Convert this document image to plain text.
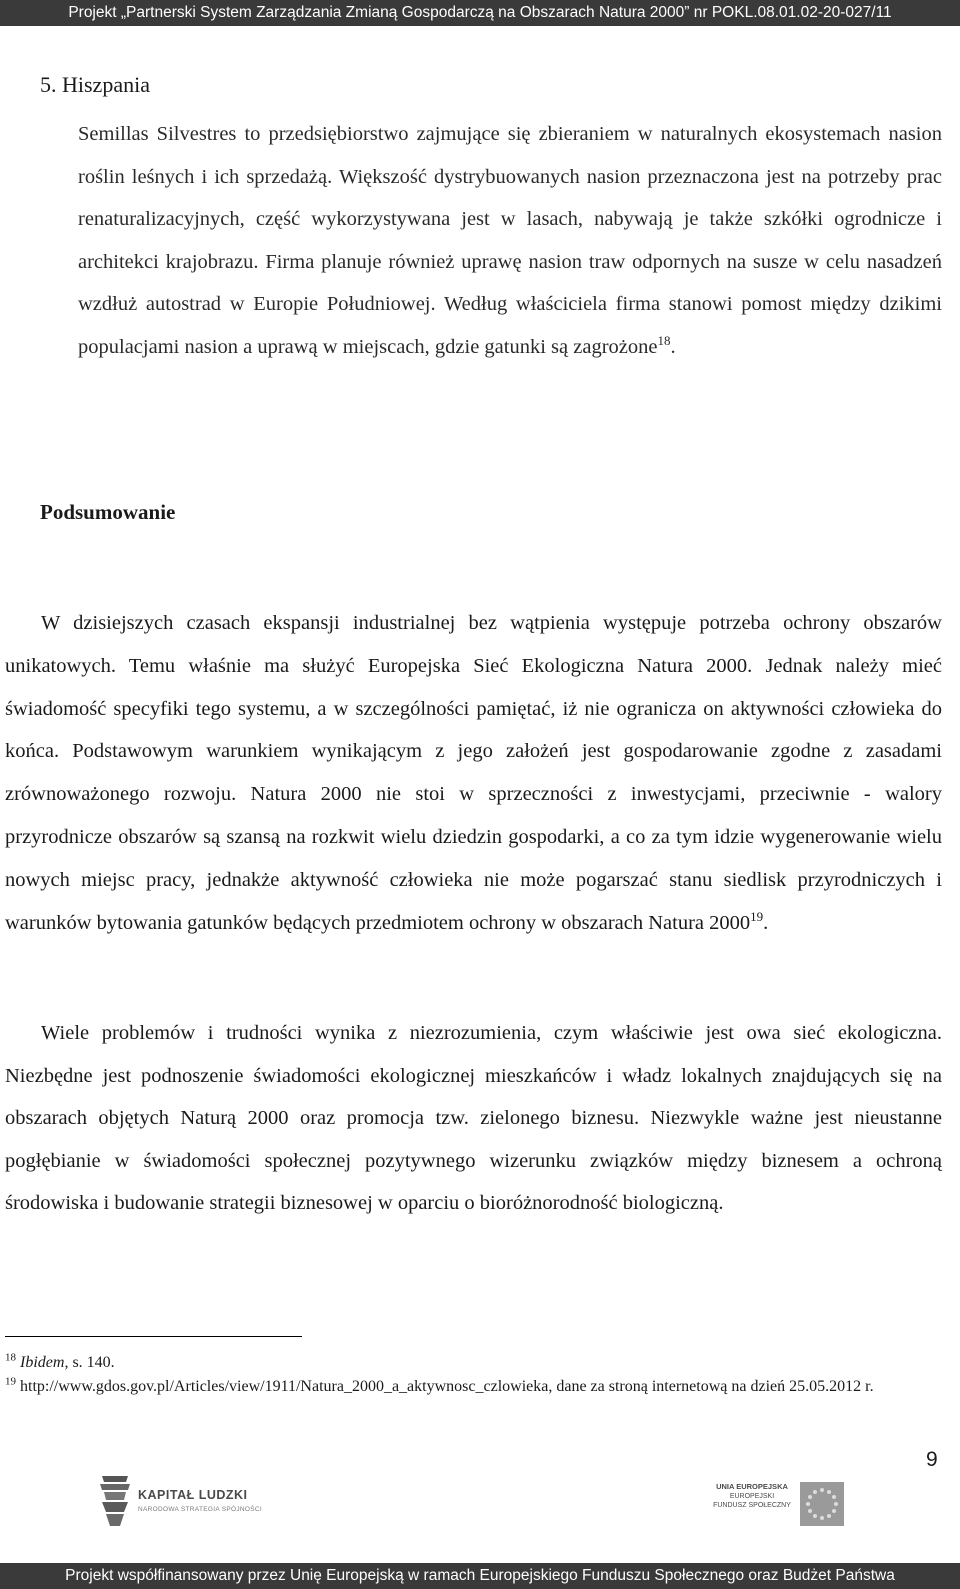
Projekt „Partnerski System Zarządzania Zmianą Gospodarczą na Obszarach Natura 2000” nr POKL.08.01.02-20-027/11
5. Hiszpania

Semillas Silvestres to przedsiębiorstwo zajmujące się zbieraniem w naturalnych ekosystemach nasion roślin leśnych i ich sprzedażą. Większość dystrybuowanych nasion przeznaczona jest na potrzeby prac renaturalizacyjnych, część wykorzystywana jest w lasach, nabywają je także szkółki ogrodnicze i architekci krajobrazu. Firma planuje również uprawę nasion traw odpornych na susze w celu nasadzeń wzdłuż autostrad w Europie Południowej. Według właściciela firma stanowi pomost między dzikimi populacjami nasion a uprawą w miejscach, gdzie gatunki są zagrożone$^{18}$.

Podsumowanie

W dzisiejszych czasach ekspansji industrialnej bez wątpienia występuje potrzeba ochrony obszarów unikatowych. Temu właśnie ma służyć Europejska Sieć Ekologiczna Natura 2000. Jednak należy mieć świadomość specyfiki tego systemu, a w szczególności pamiętać, iż nie ogranicza on aktywności człowieka do końca. Podstawowym warunkiem wynikającym z jego założeń jest gospodarowanie zgodne z zasadami zrównoważonego rozwoju. Natura 2000 nie stoi w sprzeczności z inwestycjami, przeciwnie - walory przyrodnicze obszarów są szansą na rozkwit wielu dziedzin gospodarki, a co za tym idzie wygenerowanie wielu nowych miejsc pracy, jednakże aktywność człowieka nie może pogarszać stanu siedlisk przyrodniczych i warunków bytowania gatunków będących przedmiotem ochrony w obszarach Natura 2000$^{19}$.

Wiele problemów i trudności wynika z niezrozumienia, czym właściwie jest owa sieć ekologiczna. Niezbędne jest podnoszenie świadomości ekologicznej mieszkańców i władz lokalnych znajdujących się na obszarach objętych Naturą 2000 oraz promocja tzw. zielonego biznesu. Niezwykle ważne jest nieustanne pogłębianie w świadomości społecznej pozytywnego wizerunku związków między biznesem a ochroną środowiska i budowanie strategii biznesowej w oparciu o bioróżnorodność biologiczną.

$^{18}$ Ibidem, s. 140.

$^{19}$ http://www.gdos.gov.pl/Articles/view/1911/Natura_2000_a_aktywnosc_czlowieka, dane za stroną internetową na dzień 25.05.2012 r.

9
KAPITAŁ LUDZKI
NARODOWA STRATEGIA SPÓJNOŚCI
UNIA EUROPEJSKA
EUROPEJSKI
FUNDUSZ SPOŁECZNY
Projekt współfinansowany przez Unię Europejską w ramach Europejskiego Funduszu Społecznego oraz Budżet Państwa
